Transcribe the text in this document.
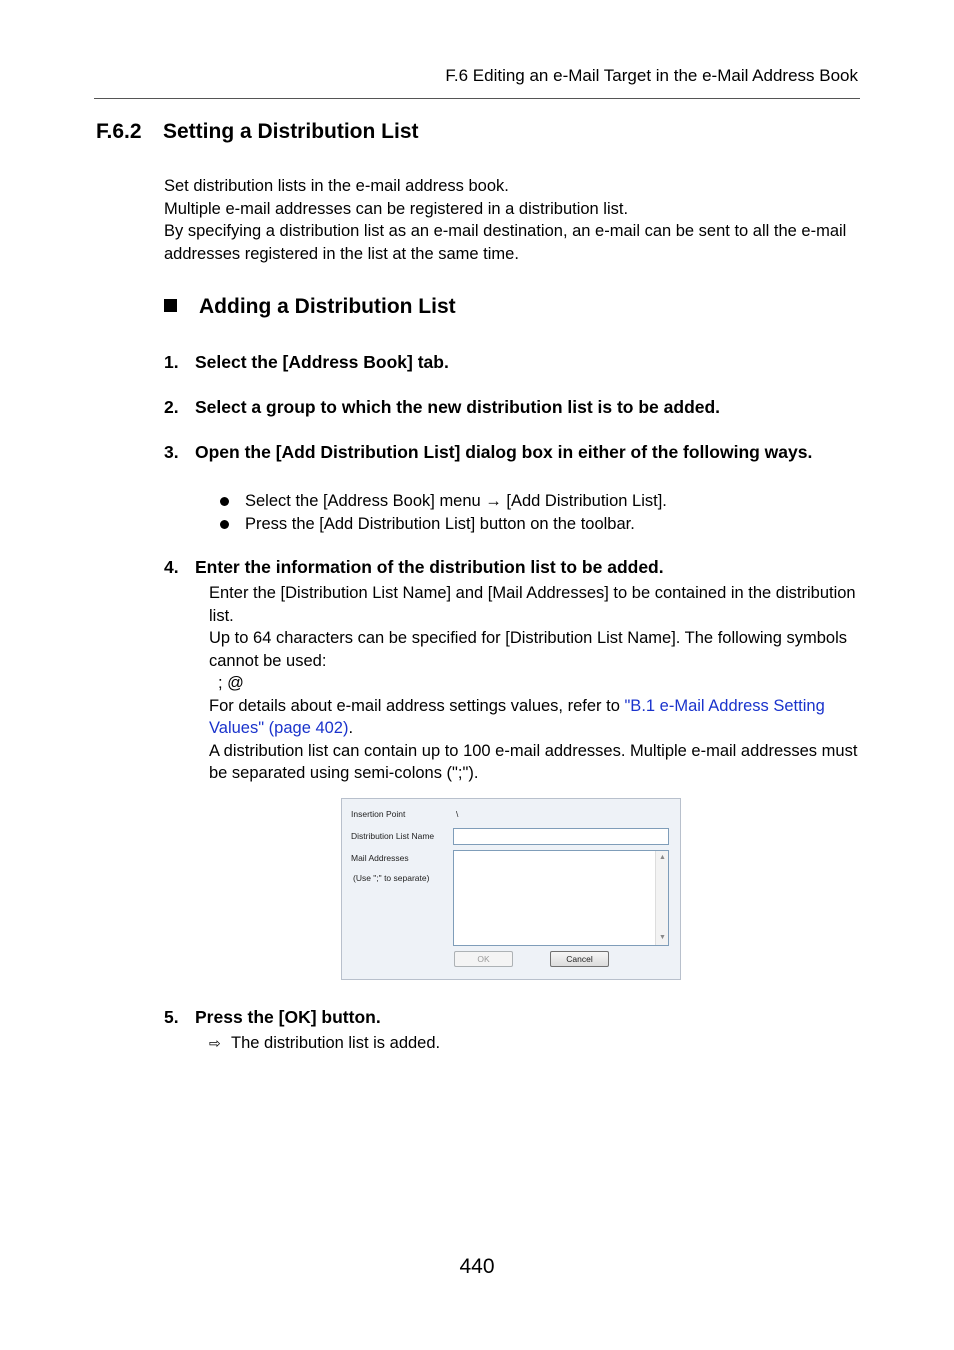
F.6 Editing an e-Mail Target in the e-Mail Address Book
F.6.2 Setting a Distribution List
Set distribution lists in the e-mail address book.
Multiple e-mail addresses can be registered in a distribution list.
By specifying a distribution list as an e-mail destination, an e-mail can be sent to all the e-mail addresses registered in the list at the same time.
Adding a Distribution List
1. Select the [Address Book] tab.
2. Select a group to which the new distribution list is to be added.
3. Open the [Add Distribution List] dialog box in either of the following ways.
Select the [Address Book] menu → [Add Distribution List].
Press the [Add Distribution List] button on the toolbar.
4. Enter the information of the distribution list to be added.

Enter the [Distribution List Name] and [Mail Addresses] to be contained in the distribution list.

Up to 64 characters can be specified for [Distribution List Name]. The following symbols cannot be used:

; @

For details about e-mail address settings values, refer to "B.1 e-Mail Address Setting Values" (page 402).

A distribution list can contain up to 100 e-mail addresses. Multiple e-mail addresses must be separated using semi-colons (";").

Insertion Point	\
Distribution List Name
Mail Addresses
(Use ";" to separate)
▲
▼
OK	Cancel
5. Press the [OK] button.
⇨ The distribution list is added.
440
